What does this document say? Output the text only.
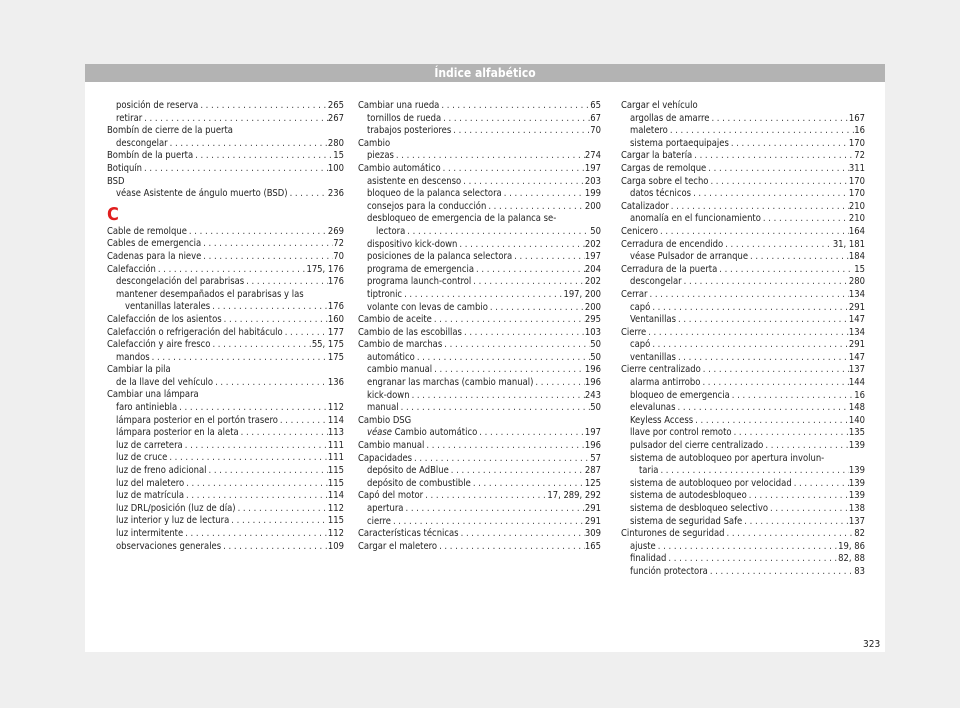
Índice alfabético
posición de reserva . . .	265
retirar . . .	267
Bombín de cierre de la puerta
descongelar . . .	280
Bombín de la puerta . . .	15
Botiquín . . .	100
BSD
véase Asistente de ángulo muerto (BSD) . . .	236
C
Cable de remolque . . .	269
Cables de emergencia . . .	72
Cadenas para la nieve . . .	70
Calefacción . . .	175, 176
descongelación del parabrisas . . .	176
mantener desempañados el parabrisas y las
ventanillas laterales . . .	176
Calefacción de los asientos . . .	160
Calefacción o refrigeración del habitáculo . . .	177
Calefacción y aire fresco . . .	55, 175
mandos . . .	175
Cambiar la pila
de la llave del vehículo . . .	136
Cambiar una lámpara
faro antiniebla . . .	112
lámpara posterior en el portón trasero . . .	114
lámpara posterior en la aleta . . .	113
luz de carretera . . .	111
luz de cruce . . .	111
luz de freno adicional . . .	115
luz del maletero . . .	115
luz de matrícula . . .	114
luz DRL/posición (luz de día) . . .	112
luz interior y luz de lectura . . .	115
luz intermitente . . .	112
observaciones generales . . .	109
Cambiar una rueda . . .	65
tornillos de rueda . . .	67
trabajos posteriores . . .	70
Cambio
piezas . . .	274
Cambio automático . . .	197
asistente en descenso . . .	203
bloqueo de la palanca selectora . . .	199
consejos para la conducción . . .	200
desbloqueo de emergencia de la palanca se-
lectora . . .	50
dispositivo kick-down . . .	202
posiciones de la palanca selectora . . .	197
programa de emergencia . . .	204
programa launch-control . . .	202
tiptronic . . .	197, 200
volante con levas de cambio . . .	200
Cambio de aceite . . .	295
Cambio de las escobillas . . .	103
Cambio de marchas . . .	50
automático . . .	50
cambio manual . . .	196
engranar las marchas (cambio manual) . . .	196
kick-down . . .	243
manual . . .	50
Cambio DSG
véase Cambio automático . . .	197
Cambio manual . . .	196
Capacidades . . .	57
depósito de AdBlue . . .	287
depósito de combustible . . .	125
Capó del motor . . .	17, 289, 292
apertura . . .	291
cierre . . .	291
Características técnicas . . .	309
Cargar el maletero . . .	165
Cargar el vehículo
argollas de amarre . . .	167
maletero . . .	16
sistema portaequipajes . . .	170
Cargar la batería . . .	72
Cargas de remolque . . .	311
Carga sobre el techo . . .	170
datos técnicos . . .	170
Catalizador . . .	210
anomalía en el funcionamiento . . .	210
Cenicero . . .	164
Cerradura de encendido . . .	31, 181
véase Pulsador de arranque . . .	184
Cerradura de la puerta . . .	15
descongelar . . .	280
Cerrar . . .	134
capó . . .	291
Ventanillas . . .	147
Cierre . . .	134
capó . . .	291
ventanillas . . .	147
Cierre centralizado . . .	137
alarma antirrobo . . .	144
bloqueo de emergencia . . .	16
elevalunas . . .	148
Keyless Access . . .	140
llave por control remoto . . .	135
pulsador del cierre centralizado . . .	139
sistema de autobloqueo por apertura involun-
taria . . .	139
sistema de autobloqueo por velocidad . . .	139
sistema de autodesbloqueo . . .	139
sistema de desbloqueo selectivo . . .	138
sistema de seguridad Safe . . .	137
Cinturones de seguridad . . .	82
ajuste . . .	19, 86
finalidad . . .	82, 88
función protectora . . .	83
323
